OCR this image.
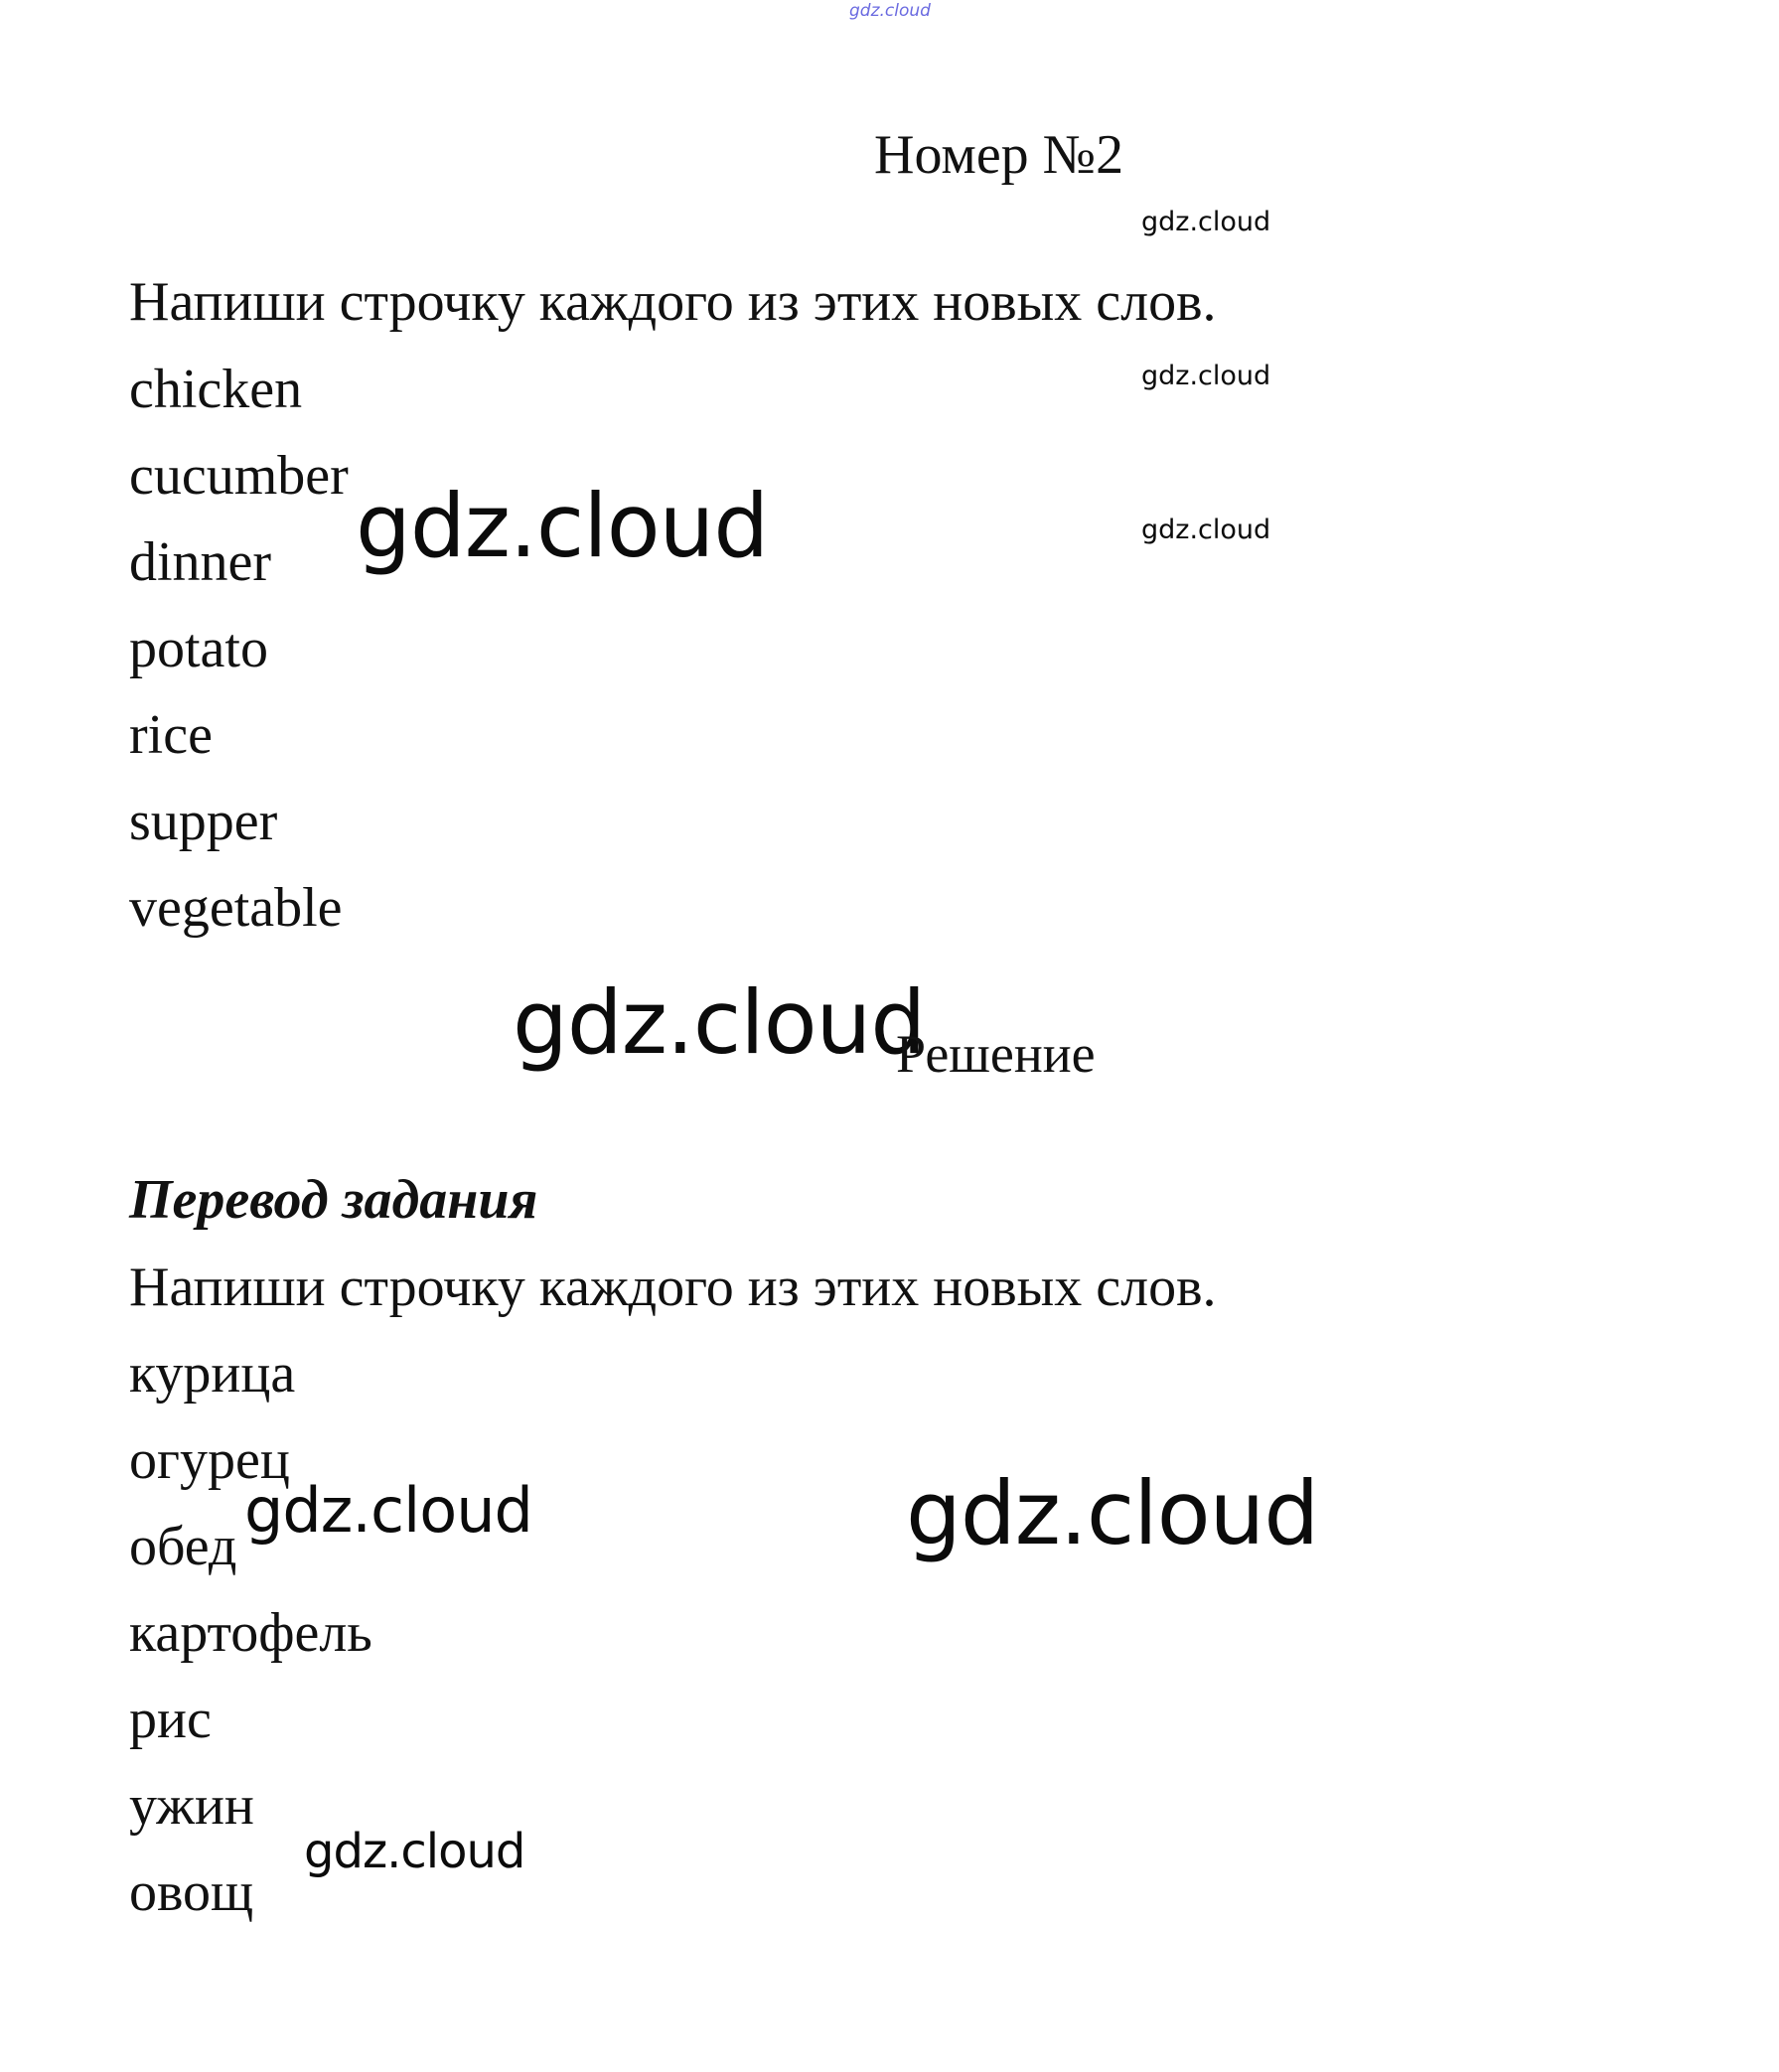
gdz.cloud
gdz.cloud
gdz.cloud
gdz.cloud
gdz.cloud
gdz.cloud
gdz.cloud
gdz.cloud
gdz.cloud
Номер №2
Напиши строчку каждого из этих новых слов.
chicken
cucumber
dinner
potato
rice
supper
vegetable
Решение
Перевод задания
Напиши строчку каждого из этих новых слов.
курица
огурец
обед
картофель
рис
ужин
овощ
